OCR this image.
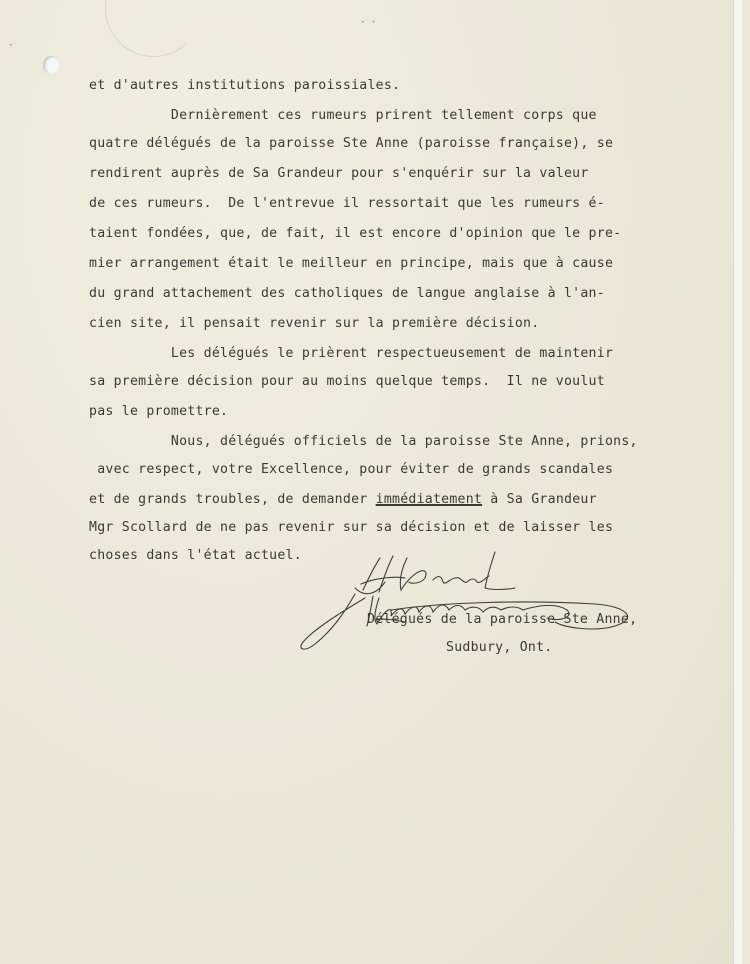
-
- -

et d'autres institutions paroissiales.

Dernièrement ces rumeurs prirent tellement corps que

quatre délégués de la paroisse Ste Anne (paroisse française), se

rendirent auprès de Sa Grandeur pour s'enquérir sur la valeur

de ces rumeurs.  De l'entrevue il ressortait que les rumeurs é-

taient fondées, que, de fait, il est encore d'opinion que le pre-

mier arrangement était le meilleur en principe, mais que à cause

du grand attachement des catholiques de langue anglaise à l'an-

cien site, il pensait revenir sur la première décision.

Les délégués le prièrent respectueusement de maintenir

sa première décision pour au moins quelque temps.  Il ne voulut

pas le promettre.

Nous, délégués officiels de la paroisse Ste Anne, prions,

avec respect, votre Excellence, pour éviter de grands scandales

et de grands troubles, de demander immédiatement à Sa Grandeur

Mgr Scollard de ne pas revenir sur sa décision et de laisser les

choses dans l'état actuel.

Délégués de la paroisse Ste Anne,
Sudbury, Ont.
